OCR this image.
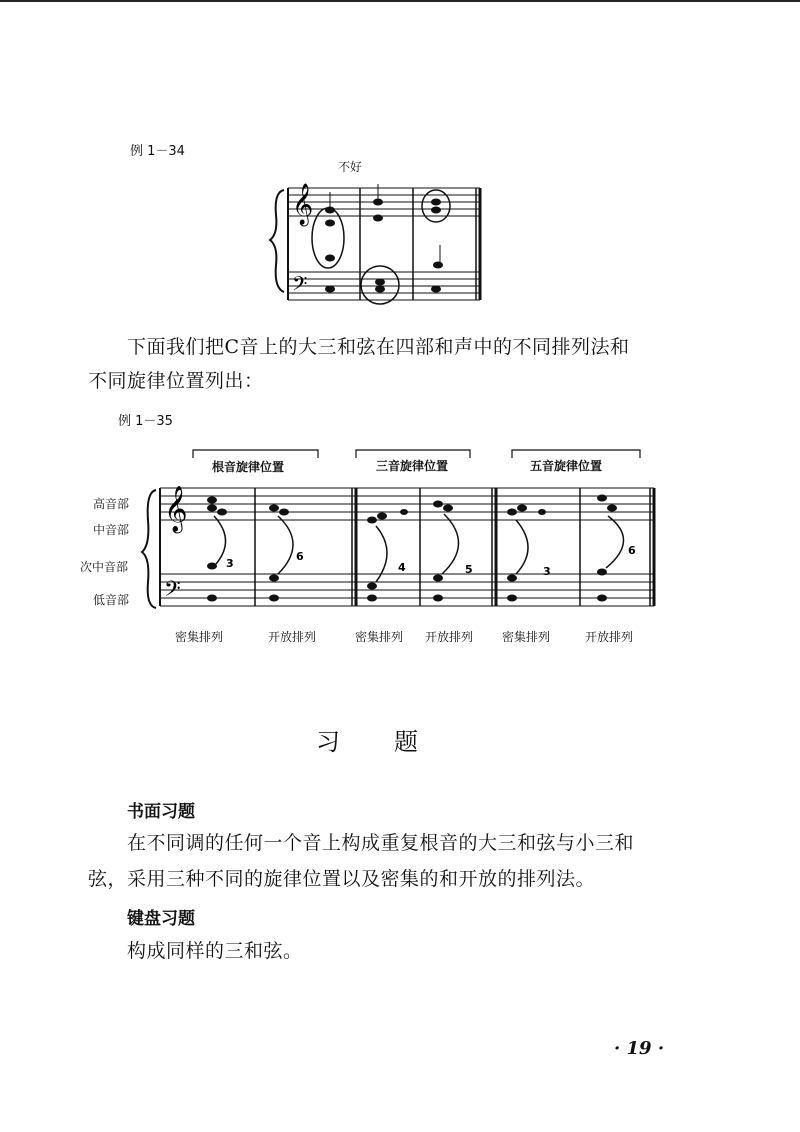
例 1－34
不好
𝄞
𝄢
下面我们把C音上的大三和弦在四部和声中的不同排列法和
不同旋律位置列出：
例 1－35
根音旋律位置	三音旋律位置	五音旋律位置
高音部
中音部
次中音部
低音部
𝄞
𝄢
3
6
4	5	3
6
密集排列	开放排列	密集排列 开放排列 密集排列	开放排列
习　　题
书面习题
在不同调的任何一个音上构成重复根音的大三和弦与小三和
弦，采用三种不同的旋律位置以及密集的和开放的排列法。
键盘习题
构成同样的三和弦。
· 19 ·
